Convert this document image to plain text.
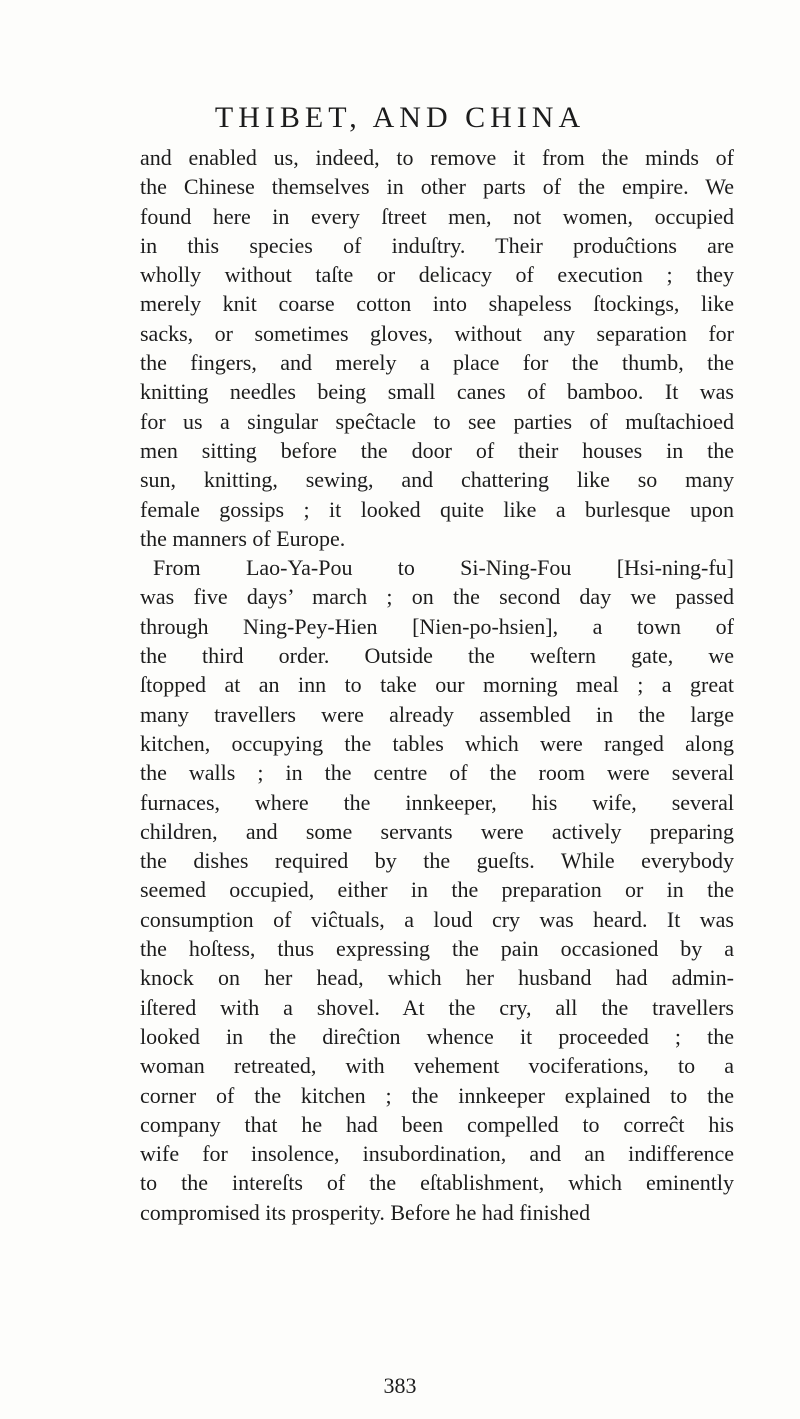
THIBET, AND CHINA
and enabled us, indeed, to remove it from the minds of
the Chinese themselves in other parts of the empire. We
found here in every ſtreet men, not women, occupied
in this species of induſtry. Their produĉtions are
wholly without taſte or delicacy of execution ; they
merely knit coarse cotton into shapeless ſtockings, like
sacks, or sometimes gloves, without any separation for
the fingers, and merely a place for the thumb, the
knitting needles being small canes of bamboo. It was
for us a singular speĉtacle to see parties of muſtachioed
men sitting before the door of their houses in the
sun, knitting, sewing, and chattering like so many
female gossips ; it looked quite like a burlesque upon
the manners of Europe.
From Lao-Ya-Pou to Si-Ning-Fou [Hsi-ning-fu]
was five days’ march ; on the second day we passed
through Ning-Pey-Hien [Nien-po-hsien], a town of
the third order. Outside the weſtern gate, we
ſtopped at an inn to take our morning meal ; a great
many travellers were already assembled in the large
kitchen, occupying the tables which were ranged along
the walls ; in the centre of the room were several
furnaces, where the innkeeper, his wife, several
children, and some servants were actively preparing
the dishes required by the gueſts. While everybody
seemed occupied, either in the preparation or in the
consumption of viĉtuals, a loud cry was heard. It was
the hoſtess, thus expressing the pain occasioned by a
knock on her head, which her husband had admin-
iſtered with a shovel. At the cry, all the travellers
looked in the direĉtion whence it proceeded ; the
woman retreated, with vehement vociferations, to a
corner of the kitchen ; the innkeeper explained to the
company that he had been compelled to correĉt his
wife for insolence, insubordination, and an indifference
to the intereſts of the eſtablishment, which eminently
compromised its prosperity. Before he had finished
383
